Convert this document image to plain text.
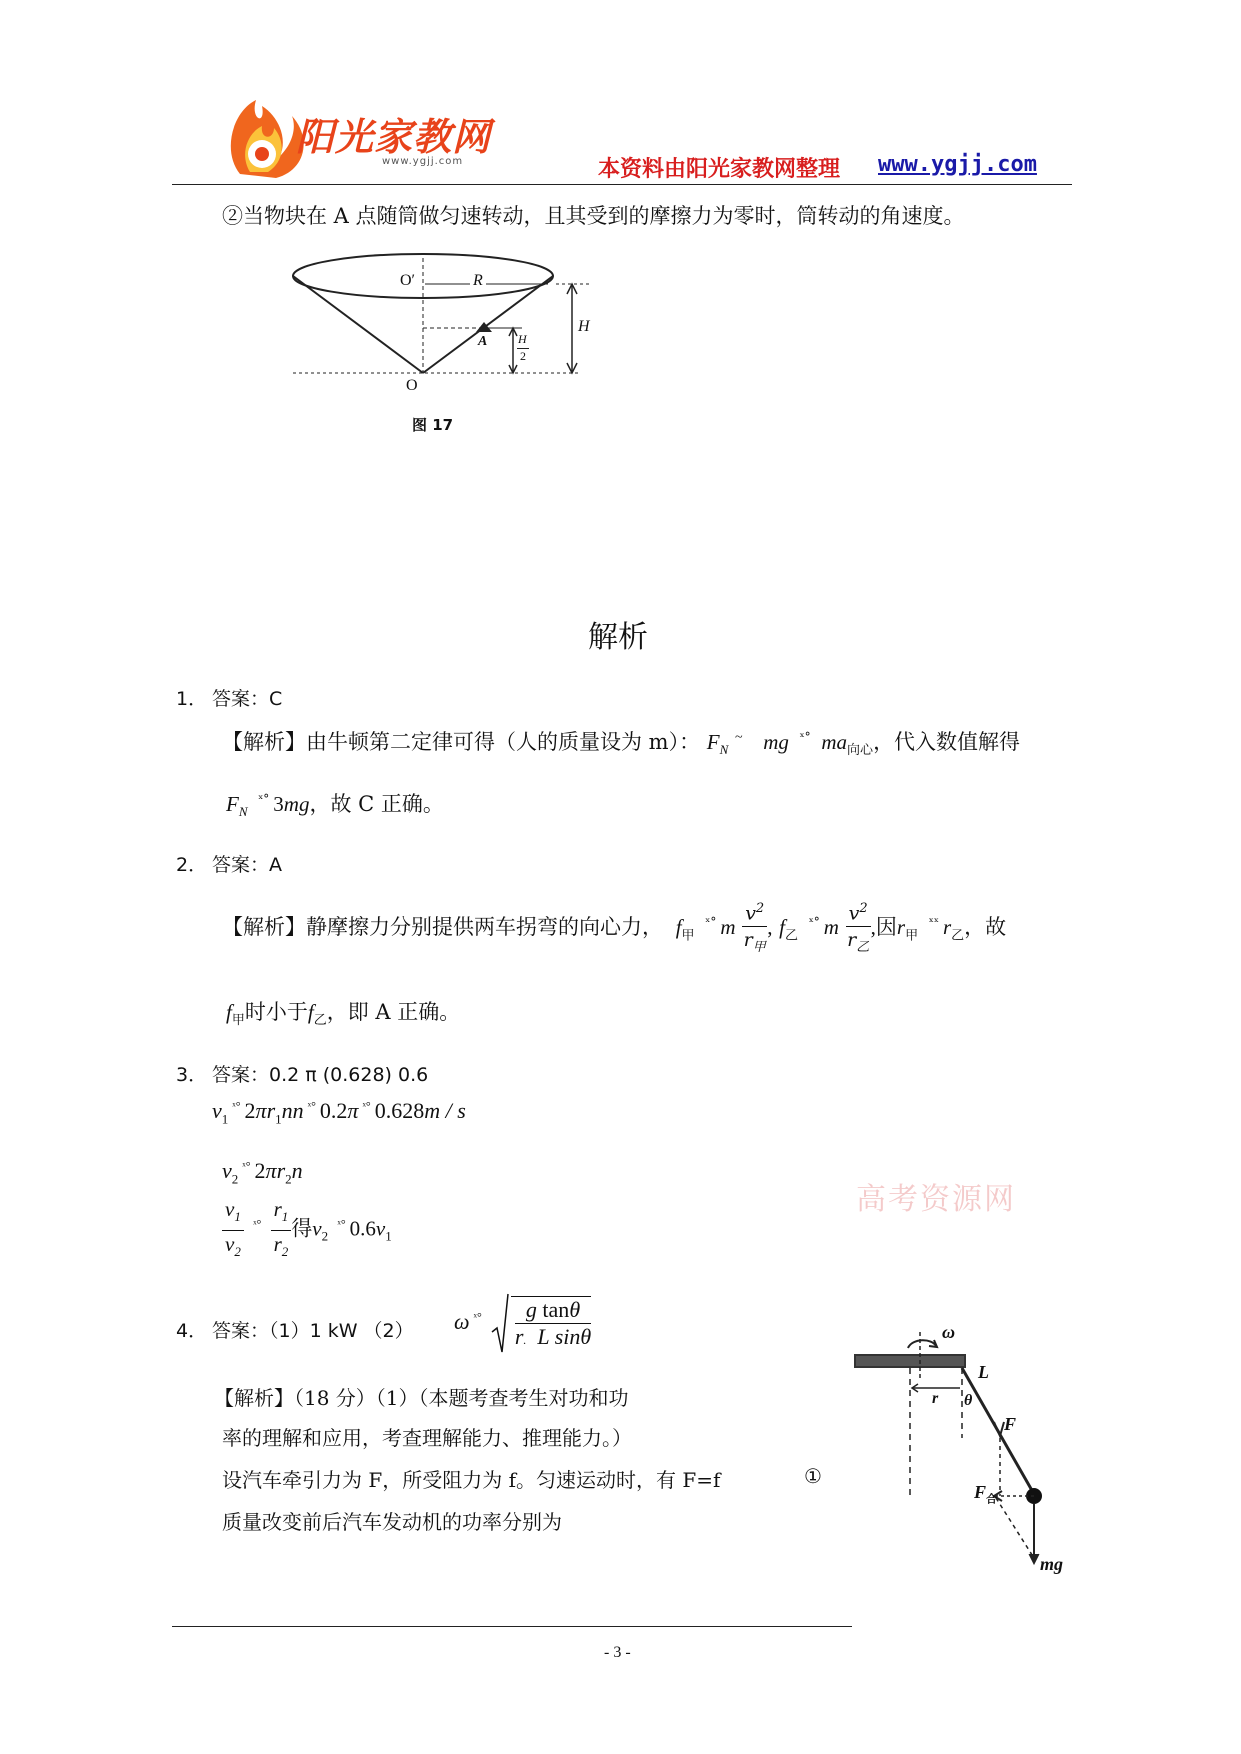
阳光家教网
www.ygjj.com	本资料由阳光家教网整理 www.ygjj.com
②当物块在 A 点随筒做匀速转动，且其受到的摩擦力为零时，筒转动的角速度。
O′	R
H
A	H
2
O
图 17
解析
1． 答案：C
【解析】由牛顿第二定律可得（人的质量设为 m）： $F_N$ ~ mg $^{ˣ^\circ}$ $ma_{向心}$，代入数值解得
$F_N$ $^{ˣ^\circ}$ 3mg，故 C 正确。
2． 答案：A
【解析】静摩擦力分别提供两车拐弯的向心力， $f_甲$ $^{ˣ^\circ}$ m $\frac{v^2}{r_甲}$ , $f_乙$ $^{ˣ^\circ}$ m $\frac{v^2}{r_乙}$ ,因$r_甲$ $^{ˣˣ}$ $r_乙$，故
$f_甲$时小于$f_乙$，即 A 正确。
3． 答案：0.2 π (0.628) 0.6
$v_1^{ˣ^\circ}$ $2\pi r_1nn$ $^{ˣ^\circ}$ 0.2π $^{ˣ^\circ}$ 0.628m / s
$v_2^{ˣ^\circ}$ $2\pi r_2n$
$\frac{v_1}{v_2} ^{ˣ^\circ} \frac{r_1}{r_2}$ 得$v_2$ $^{ˣ^\circ}$ $0.6v_1$
4． 答案：（1）1 kW （2） ω $^{ˣ^\circ} \frac{\text{g tanθ}}{\text{r. L sinθ}}$
【解析】（18 分）（1）（本题考查考生对功和功
率的理解和应用，考查理解能力、推理能力。）
设汽车牵引力为 F，所受阻力为 f。匀速运动时，有 F=f	①
质量改变前后汽车发动机的功率分别为
ω
L
r θ
F
$F_合$
mg
高考资源网
- 3 -
